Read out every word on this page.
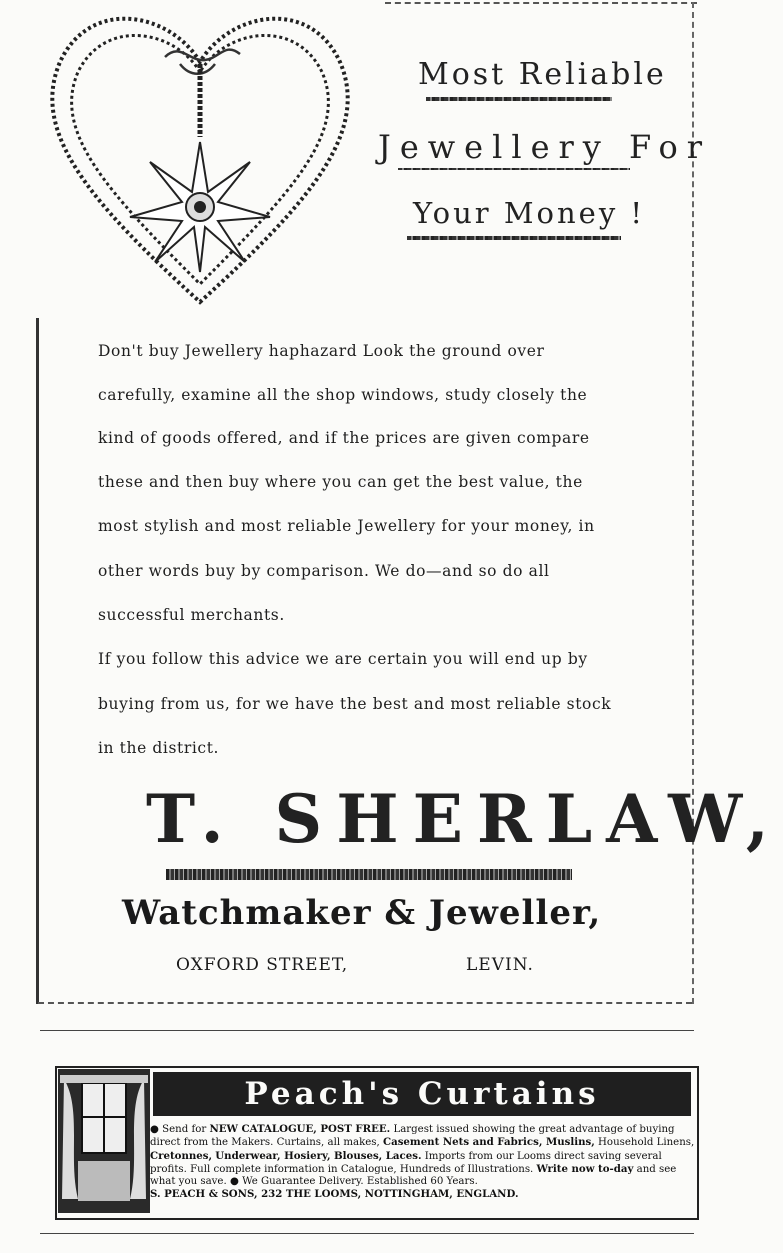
Most Reliable
Jewellery For
Your Money !
Don't buy Jewellery haphazard Look the ground over
carefully, examine all the shop windows, study closely the
kind of goods offered, and if the prices are given compare
these and then buy where you can get the best value, the
most stylish and most reliable Jewellery for your money, in
other words buy by comparison. We do—and so do all
successful merchants.
If you follow this advice we are certain you will end up by
buying from us, for we have the best and most reliable stock
in the district.
T. SHERLAW,
Watchmaker & Jeweller,
OXFORD STREET,	LEVIN.
Peach's Curtains
● Send for NEW CATALOGUE, POST FREE. Largest issued showing the great advantage of buying direct from the Makers. Curtains, all makes, Casement Nets and Fabrics, Muslins, Household Linens, Cretonnes, Underwear, Hosiery, Blouses, Laces. Imports from our Looms direct saving several profits. Full complete information in Catalogue, Hundreds of Illustrations. Write now to-day and see what you save. ● We Guarantee Delivery. Established 60 Years.
S. PEACH & SONS, 232 THE LOOMS, NOTTINGHAM, ENGLAND.
